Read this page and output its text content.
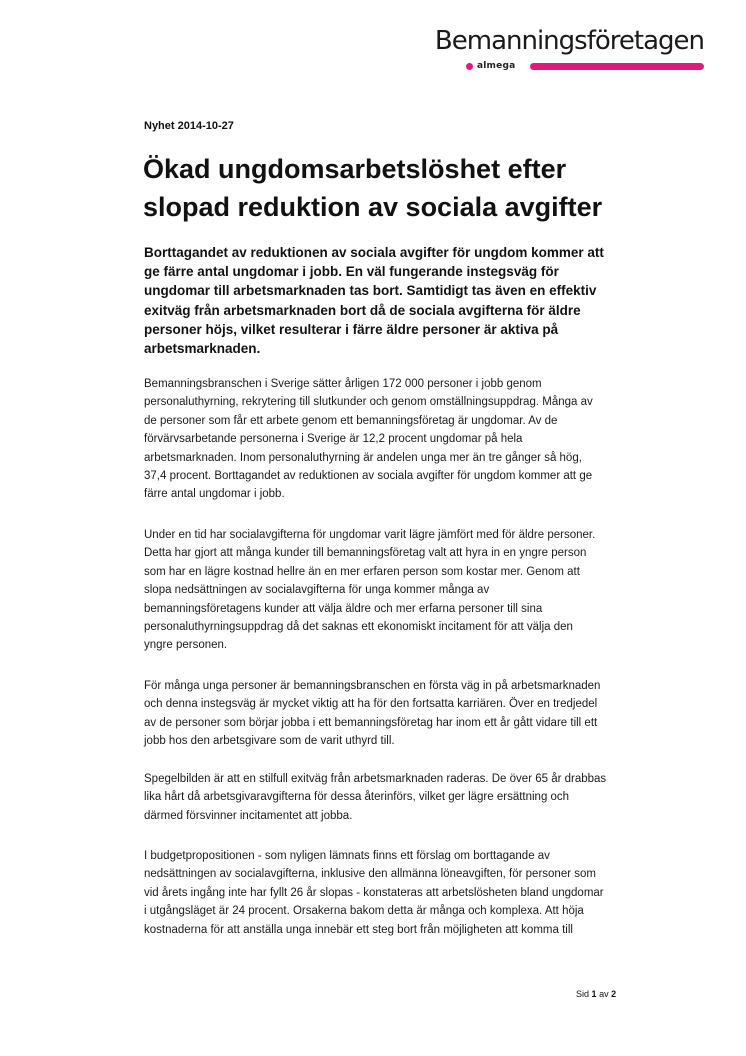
Bemanningsföretagen
almega
Nyhet 2014-10-27
Ökad ungdomsarbetslöshet efter
slopad reduktion av sociala avgifter
Borttagandet av reduktionen av sociala avgifter för ungdom kommer att
ge färre antal ungdomar i jobb. En väl fungerande instegsväg för
ungdomar till arbetsmarknaden tas bort. Samtidigt tas även en effektiv
exitväg från arbetsmarknaden bort då de sociala avgifterna för äldre
personer höjs, vilket resulterar i färre äldre personer är aktiva på
arbetsmarknaden.
Bemanningsbranschen i Sverige sätter årligen 172 000 personer i jobb genom
personaluthyrning, rekrytering till slutkunder och genom omställningsuppdrag. Många av
de personer som får ett arbete genom ett bemanningsföretag är ungdomar. Av de
förvärvsarbetande personerna i Sverige är 12,2 procent ungdomar på hela
arbetsmarknaden. Inom personaluthyrning är andelen unga mer än tre gånger så hög,
37,4 procent. Borttagandet av reduktionen av sociala avgifter för ungdom kommer att ge
färre antal ungdomar i jobb.
Under en tid har socialavgifterna för ungdomar varit lägre jämfört med för äldre personer.
Detta har gjort att många kunder till bemanningsföretag valt att hyra in en yngre person
som har en lägre kostnad hellre än en mer erfaren person som kostar mer. Genom att
slopa nedsättningen av socialavgifterna för unga kommer många av
bemanningsföretagens kunder att välja äldre och mer erfarna personer till sina
personaluthyrningsuppdrag då det saknas ett ekonomiskt incitament för att välja den
yngre personen.
För många unga personer är bemanningsbranschen en första väg in på arbetsmarknaden
och denna instegsväg är mycket viktig att ha för den fortsatta karriären. Över en tredjedel
av de personer som börjar jobba i ett bemanningsföretag har inom ett år gått vidare till ett
jobb hos den arbetsgivare som de varit uthyrd till.
Spegelbilden är att en stilfull exitväg från arbetsmarknaden raderas. De över 65 år drabbas
lika hårt då arbetsgivaravgifterna för dessa återinförs, vilket ger lägre ersättning och
därmed försvinner incitamentet att jobba.
I budgetpropositionen - som nyligen lämnats finns ett förslag om borttagande av
nedsättningen av socialavgifterna, inklusive den allmänna löneavgiften, för personer som
vid årets ingång inte har fyllt 26 år slopas - konstateras att arbetslösheten bland ungdomar
i utgångsläget är 24 procent. Orsakerna bakom detta är många och komplexa. Att höja
kostnaderna för att anställa unga innebär ett steg bort från möjligheten att komma till
Sid 1 av 2
